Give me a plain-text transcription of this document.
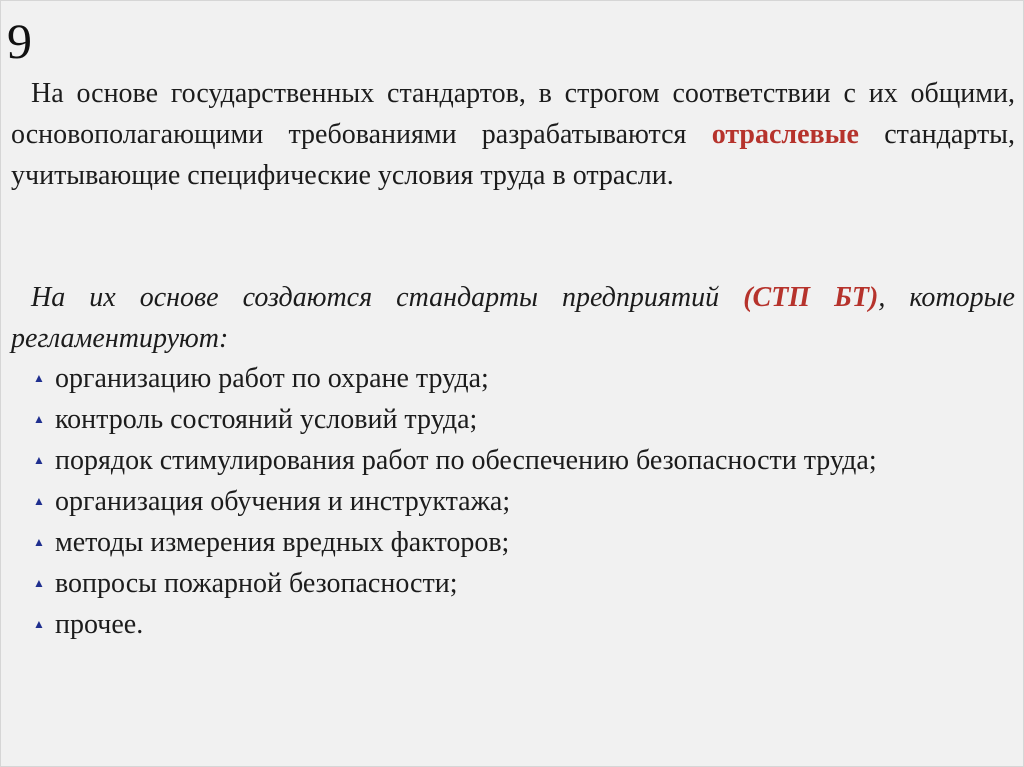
9
На основе государственных стандартов, в строгом соответствии с их общими, основополагающими требованиями разрабатываются отраслевые стандарты, учитывающие специфические условия труда в отрасли.
На их основе создаются стандарты предприятий (СТП БТ), которые регламентируют:
▲ организацию работ по охране труда;
▲ контроль состояний условий труда;
▲ порядок стимулирования работ по обеспечению безопасности труда;
▲ организация обучения и инструктажа;
▲ методы измерения вредных факторов;
▲ вопросы пожарной безопасности;
▲ прочее.
